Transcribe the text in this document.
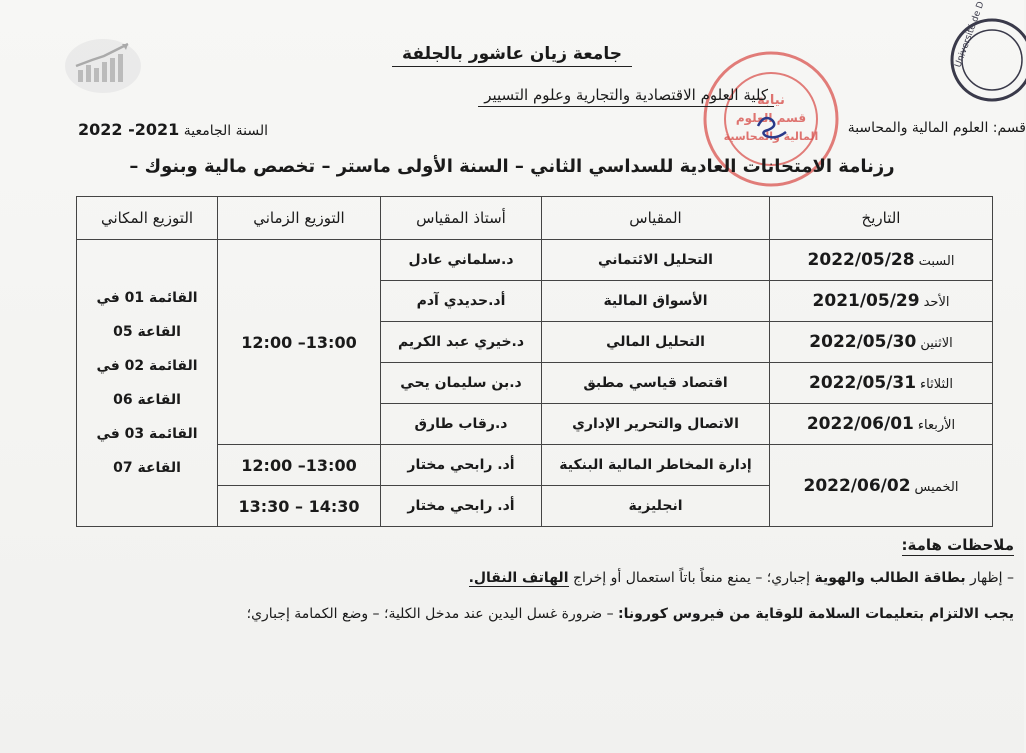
Université de D
نيابة
قسم العلوم
المالية والمحاسبة
جامعة زيان عاشور بالجلفة
كلية العلوم الاقتصادية والتجارية وعلوم التسيير
قسم: العلوم المالية والمحاسبة
السنة الجامعية 2021- 2022
رزنامة الامتحانات العادية للسداسي الثاني – السنة الأولى ماستر – تخصص مالية وبنوك –
التاريخ	المقياس	أستاذ المقياس	التوزيع الزماني	التوزيع المكاني
السبت2022/05/28	التحليل الائتماني	د.سلماني عادل	12:00 –13:00	القائمة 01 في القاعة 05
القائمة 02 في القاعة 06
القائمة 03 في القاعة 07

الأحد2021/05/29	الأسواق المالية	أد.حديدي آدم		
الاثنين2022/05/30	التحليل المالي	د.خيري عبد الكريم		
الثلاثاء2022/05/31	اقتصاد قياسي مطبق	د.بن سليمان يحي		
الأربعاء2022/06/01	الاتصال والتحرير الإداري	د.رقاب طارق		
الخميس2022/06/02	إدارة المخاطر المالية البنكية	أد. رابحي مختار	12:00 –13:00	
	انجليزية	أد. رابحي مختار	13:30 – 14:30	
ملاحظات هامة:
– إظهار بطاقة الطالب والهوية إجباري؛ – يمنع منعاً باتاً استعمال أو إخراج الهاتف النقال.
يجب الالتزام بتعليمات السلامة للوقاية من فيروس كورونا: – ضرورة غسل اليدين عند مدخل الكلية؛ – وضع الكمامة إجباري؛
